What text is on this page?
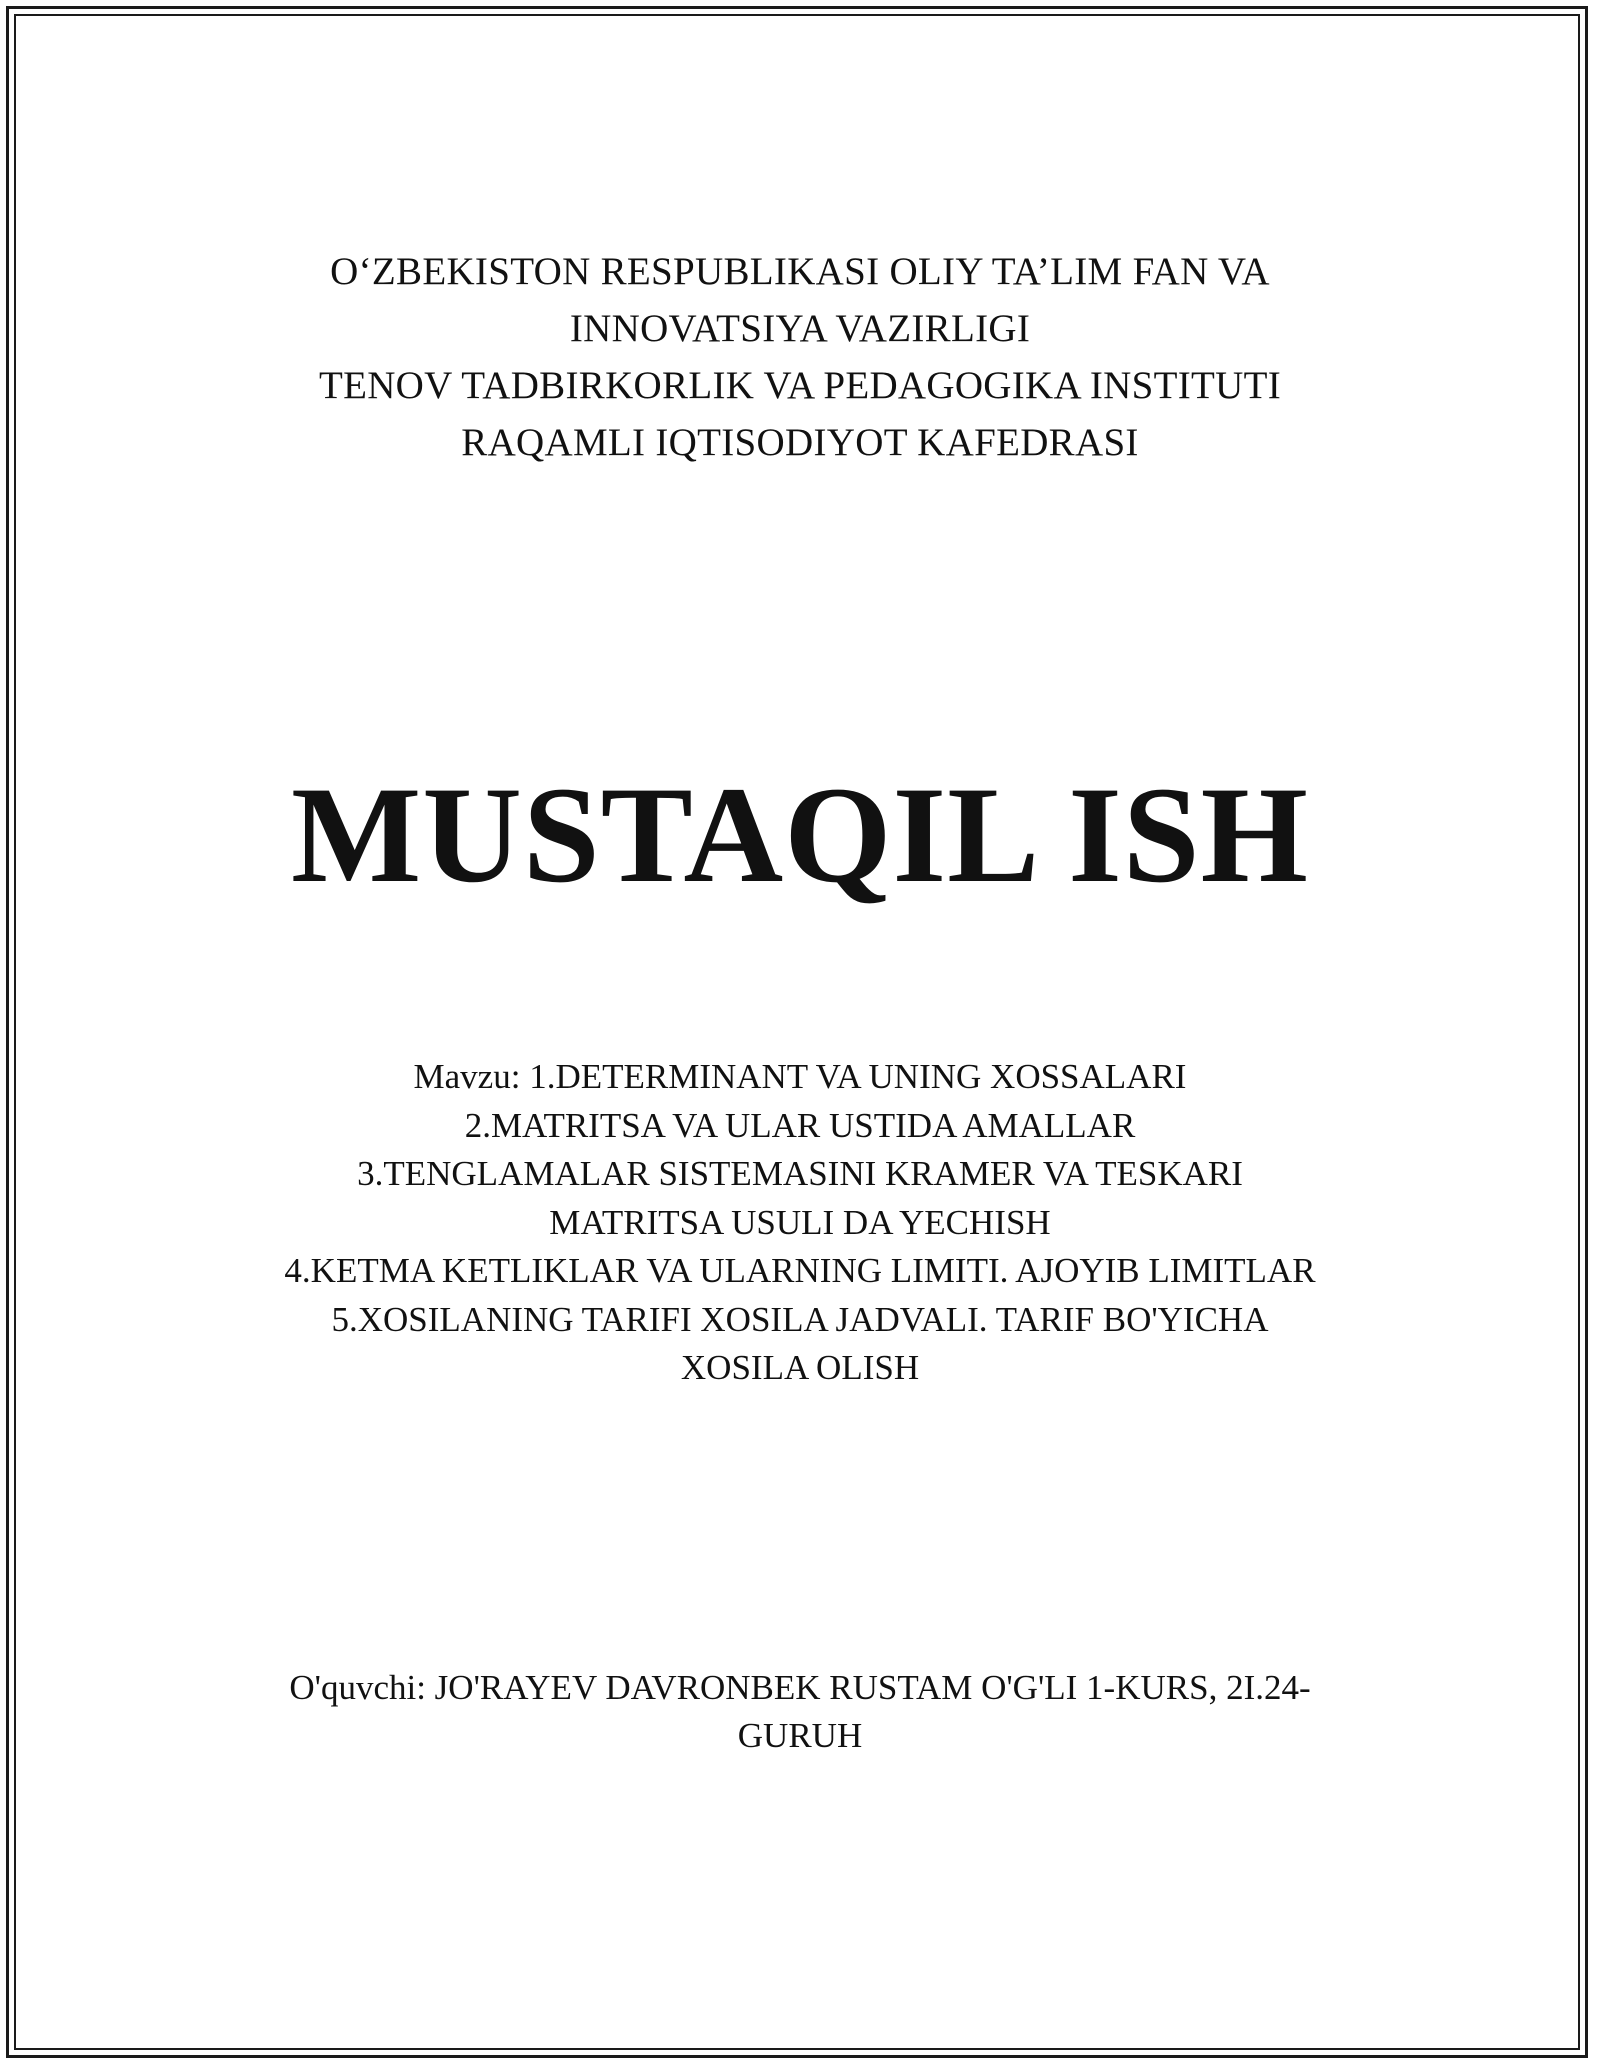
O‘ZBEKISTON RESPUBLIKASI OLIY TA’LIM FAN VA
INNOVATSIYA VAZIRLIGI
TENOV TADBIRKORLIK VA PEDAGOGIKA INSTITUTI
RAQAMLI IQTISODIYOT KAFEDRASI
MUSTAQIL ISH
Mavzu: 1.DETERMINANT VA UNING XOSSALARI
2.MATRITSA VA ULAR USTIDA AMALLAR
3.TENGLAMALAR SISTEMASINI KRAMER VA TESKARI
MATRITSA USULI DA YECHISH
4.KETMA KETLIKLAR VA ULARNING LIMITI. AJOYIB LIMITLAR
5.XOSILANING TARIFI XOSILA JADVALI. TARIF BO'YICHA
XOSILA OLISH
O'quvchi: JO'RAYEV DAVRONBEK RUSTAM O'G'LI 1-KURS, 2I.24-
GURUH
